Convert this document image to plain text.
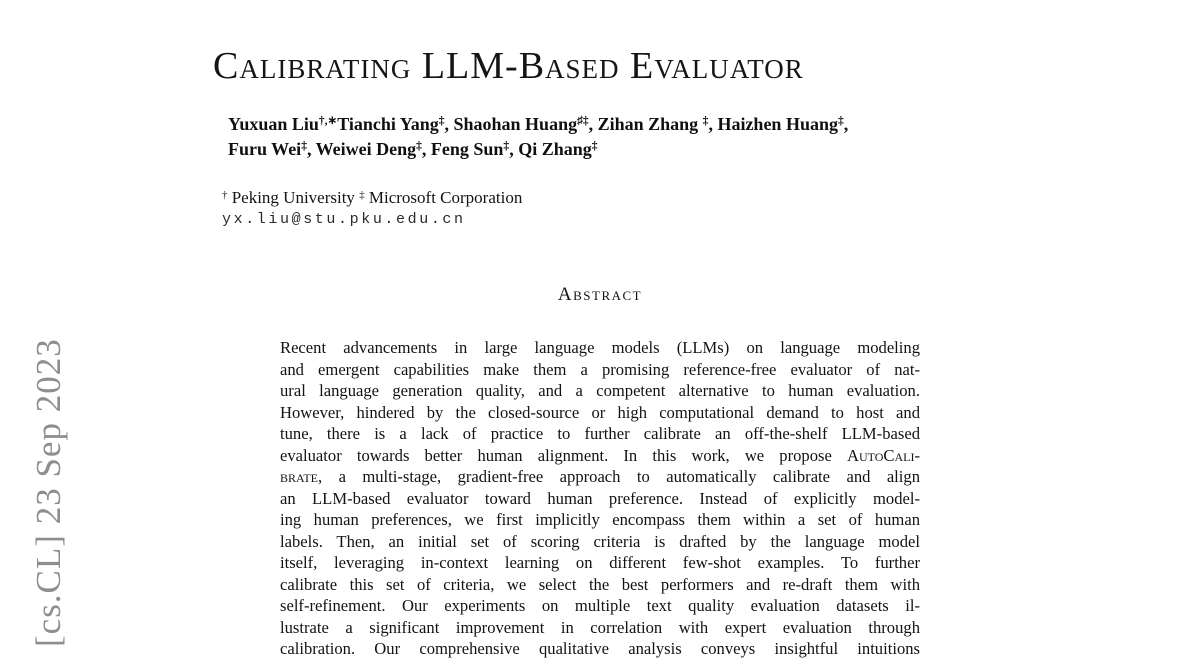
[cs.CL] 23 Sep 2023
Calibrating LLM-Based Evaluator
Yuxuan Liu†,∗Tianchi Yang‡, Shaohan Huang♯‡, Zihan Zhang ‡, Haizhen Huang‡,
Furu Wei‡, Weiwei Deng‡, Feng Sun‡, Qi Zhang‡
† Peking University ‡ Microsoft Corporation
yx.liu@stu.pku.edu.cn
Abstract
Recent advancements in large language models (LLMs) on language modeling
and emergent capabilities make them a promising reference-free evaluator of nat-
ural language generation quality, and a competent alternative to human evaluation.
However, hindered by the closed-source or high computational demand to host and
tune, there is a lack of practice to further calibrate an off-the-shelf LLM-based
evaluator towards better human alignment. In this work, we propose AutoCali-
brate, a multi-stage, gradient-free approach to automatically calibrate and align
an LLM-based evaluator toward human preference. Instead of explicitly model-
ing human preferences, we first implicitly encompass them within a set of human
labels. Then, an initial set of scoring criteria is drafted by the language model
itself, leveraging in-context learning on different few-shot examples. To further
calibrate this set of criteria, we select the best performers and re-draft them with
self-refinement. Our experiments on multiple text quality evaluation datasets il-
lustrate a significant improvement in correlation with expert evaluation through
calibration. Our comprehensive qualitative analysis conveys insightful intuitions
